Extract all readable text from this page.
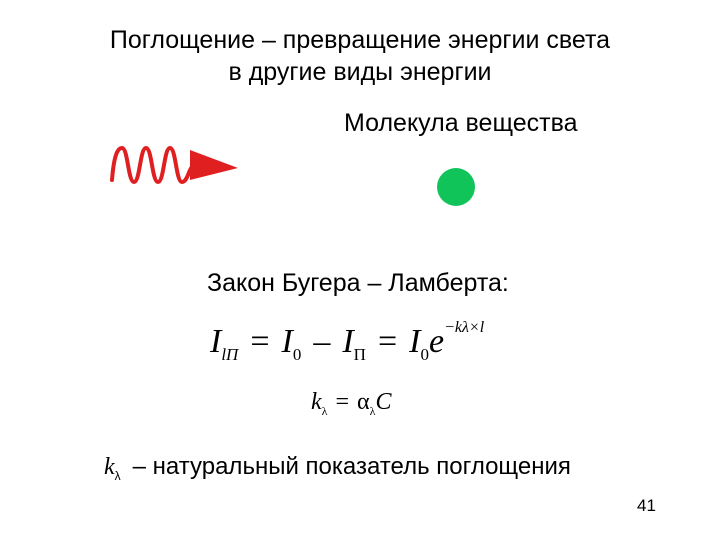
Поглощение – превращение энергии света
в другие виды энергии
Молекула вещества
Закон Бугера – Ламберта:
$I_{lП} = I_0 - I_П = I_0e^{-k\lambda\times l}$
$k_\lambda = \alpha_\lambda C$
$k_\lambda$ – натуральный показатель поглощения
41
